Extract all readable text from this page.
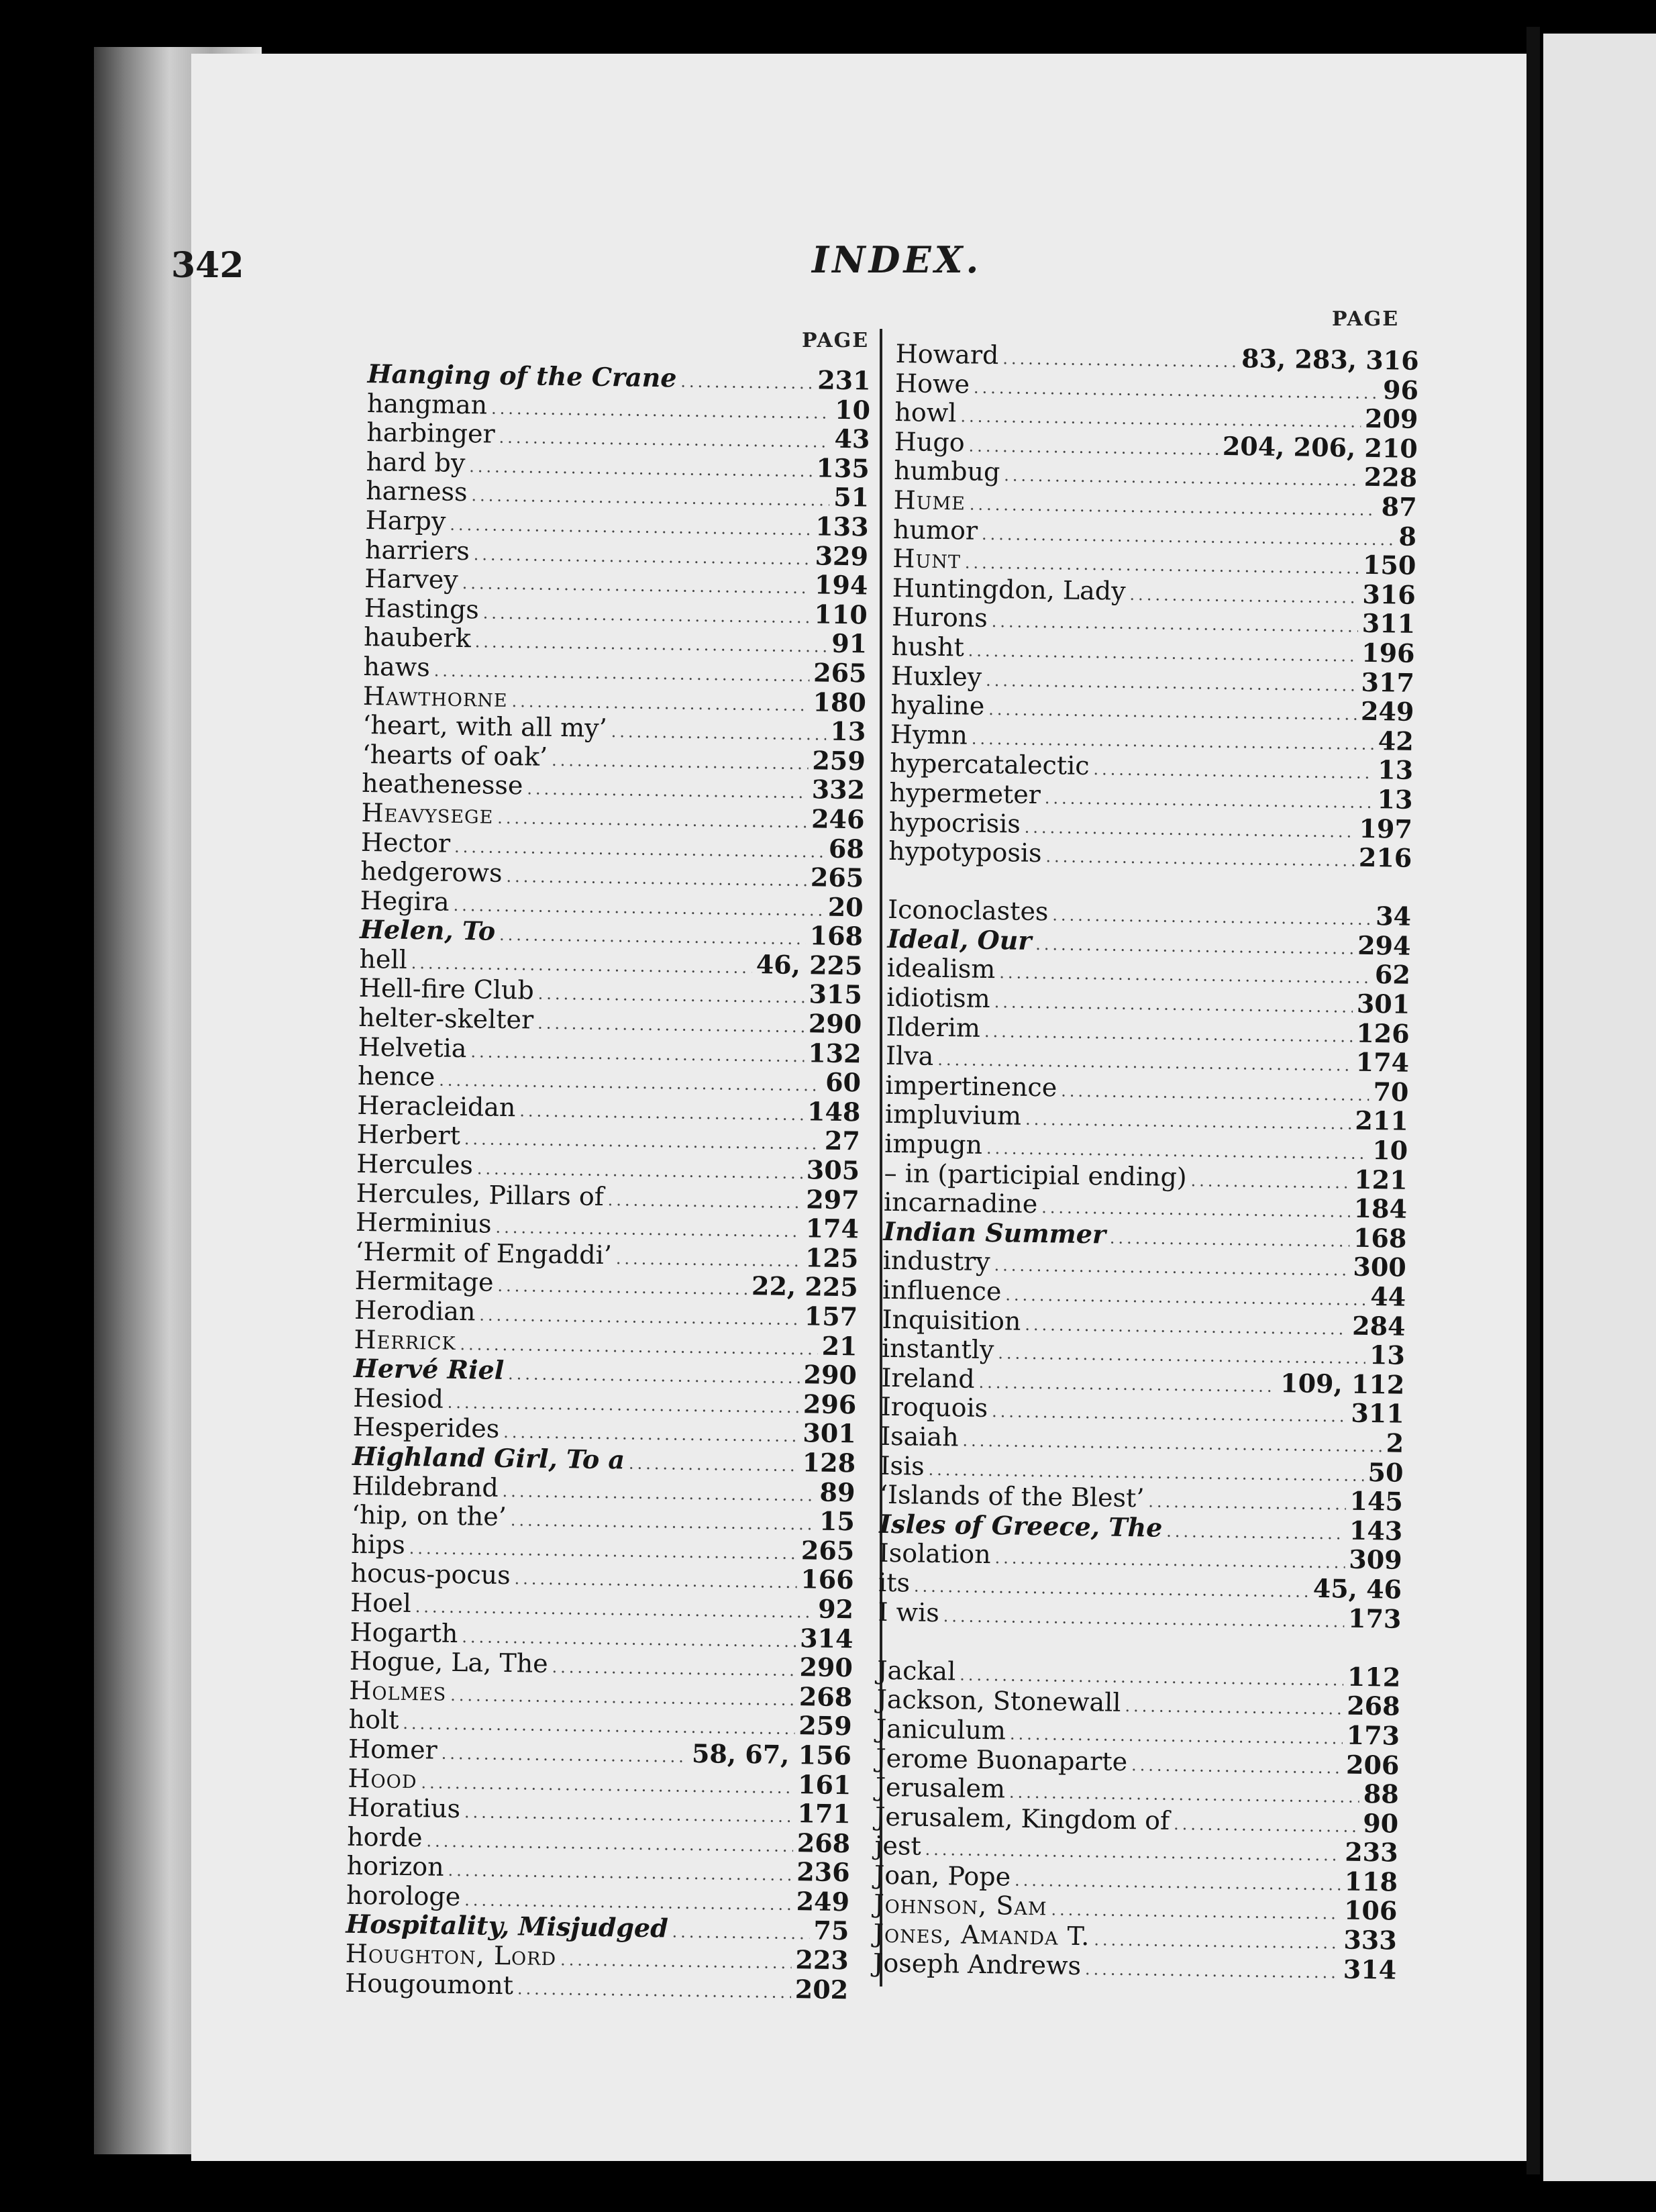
342	INDEX.
PAGE
PAGE
Hanging of the Crane .....	231
hangman .....	10
harbinger .....	43
hard by .....	135
harness .....	51
Harpy .....	133
harriers .....	329
Harvey .....	194
Hastings .....	110
hauberk .....	91
haws .....	265
Hawthorne .....	180
‘heart, with all my’ .....	13
‘hearts of oak’ .....	259
heathenesse .....	332
Heavysege .....	246
Hector .....	68
hedgerows .....	265
Hegira .....	20
Helen, To .....	168
hell .....	46, 225
Hell-fire Club .....	315
helter-skelter .....	290
Helvetia .....	132
hence .....	60
Heracleidan .....	148
Herbert .....	27
Hercules .....	305
Hercules, Pillars of .....	297
Herminius .....	174
‘Hermit of Engaddi’ .....	125
Hermitage .....	22, 225
Herodian .....	157
Herrick .....	21
Hervé Riel .....	290
Hesiod .....	296
Hesperides .....	301
Highland Girl, To a .....	128
Hildebrand .....	89
‘hip, on the’ .....	15
hips .....	265
hocus-pocus .....	166
Hoel .....	92
Hogarth .....	314
Hogue, La, The .....	290
Holmes .....	268
holt .....	259
Homer .....	58, 67, 156
Hood .....	161
Horatius .....	171
horde .....	268
horizon .....	236
horologe .....	249
Hospitality, Misjudged .....	75
Houghton, Lord .....	223
Hougoumont .....	202
Howard .....	83, 283, 316
Howe .....	96
howl .....	209
Hugo .....	204, 206, 210
humbug .....	228
Hume .....	87
humor .....	8
Hunt .....	150
Huntingdon, Lady .....	316
Hurons .....	311
husht .....	196
Huxley .....	317
hyaline .....	249
Hymn .....	42
hypercatalectic .....	13
hypermeter .....	13
hypocrisis .....	197
hypotyposis .....	216
Iconoclastes .....	34
Ideal, Our .....	294
idealism .....	62
idiotism .....	301
Ilderim .....	126
Ilva .....	174
impertinence .....	70
impluvium .....	211
impugn .....	10
– in (participial ending) .....	121
incarnadine .....	184
Indian Summer .....	168
industry .....	300
influence .....	44
Inquisition .....	284
instantly .....	13
Ireland .....	109, 112
Iroquois .....	311
Isaiah .....	2
Isis .....	50
‘Islands of the Blest’ .....	145
Isles of Greece, The .....	143
Isolation .....	309
its .....	45, 46
I wis .....	173
Jackal .....	112
Jackson, Stonewall .....	268
Janiculum .....	173
Jerome Buonaparte .....	206
Jerusalem .....	88
Jerusalem, Kingdom of .....	90
jest .....	233
Joan, Pope .....	118
Johnson, Sam .....	106
Jones, Amanda T. .....	333
Joseph Andrews .....	314
